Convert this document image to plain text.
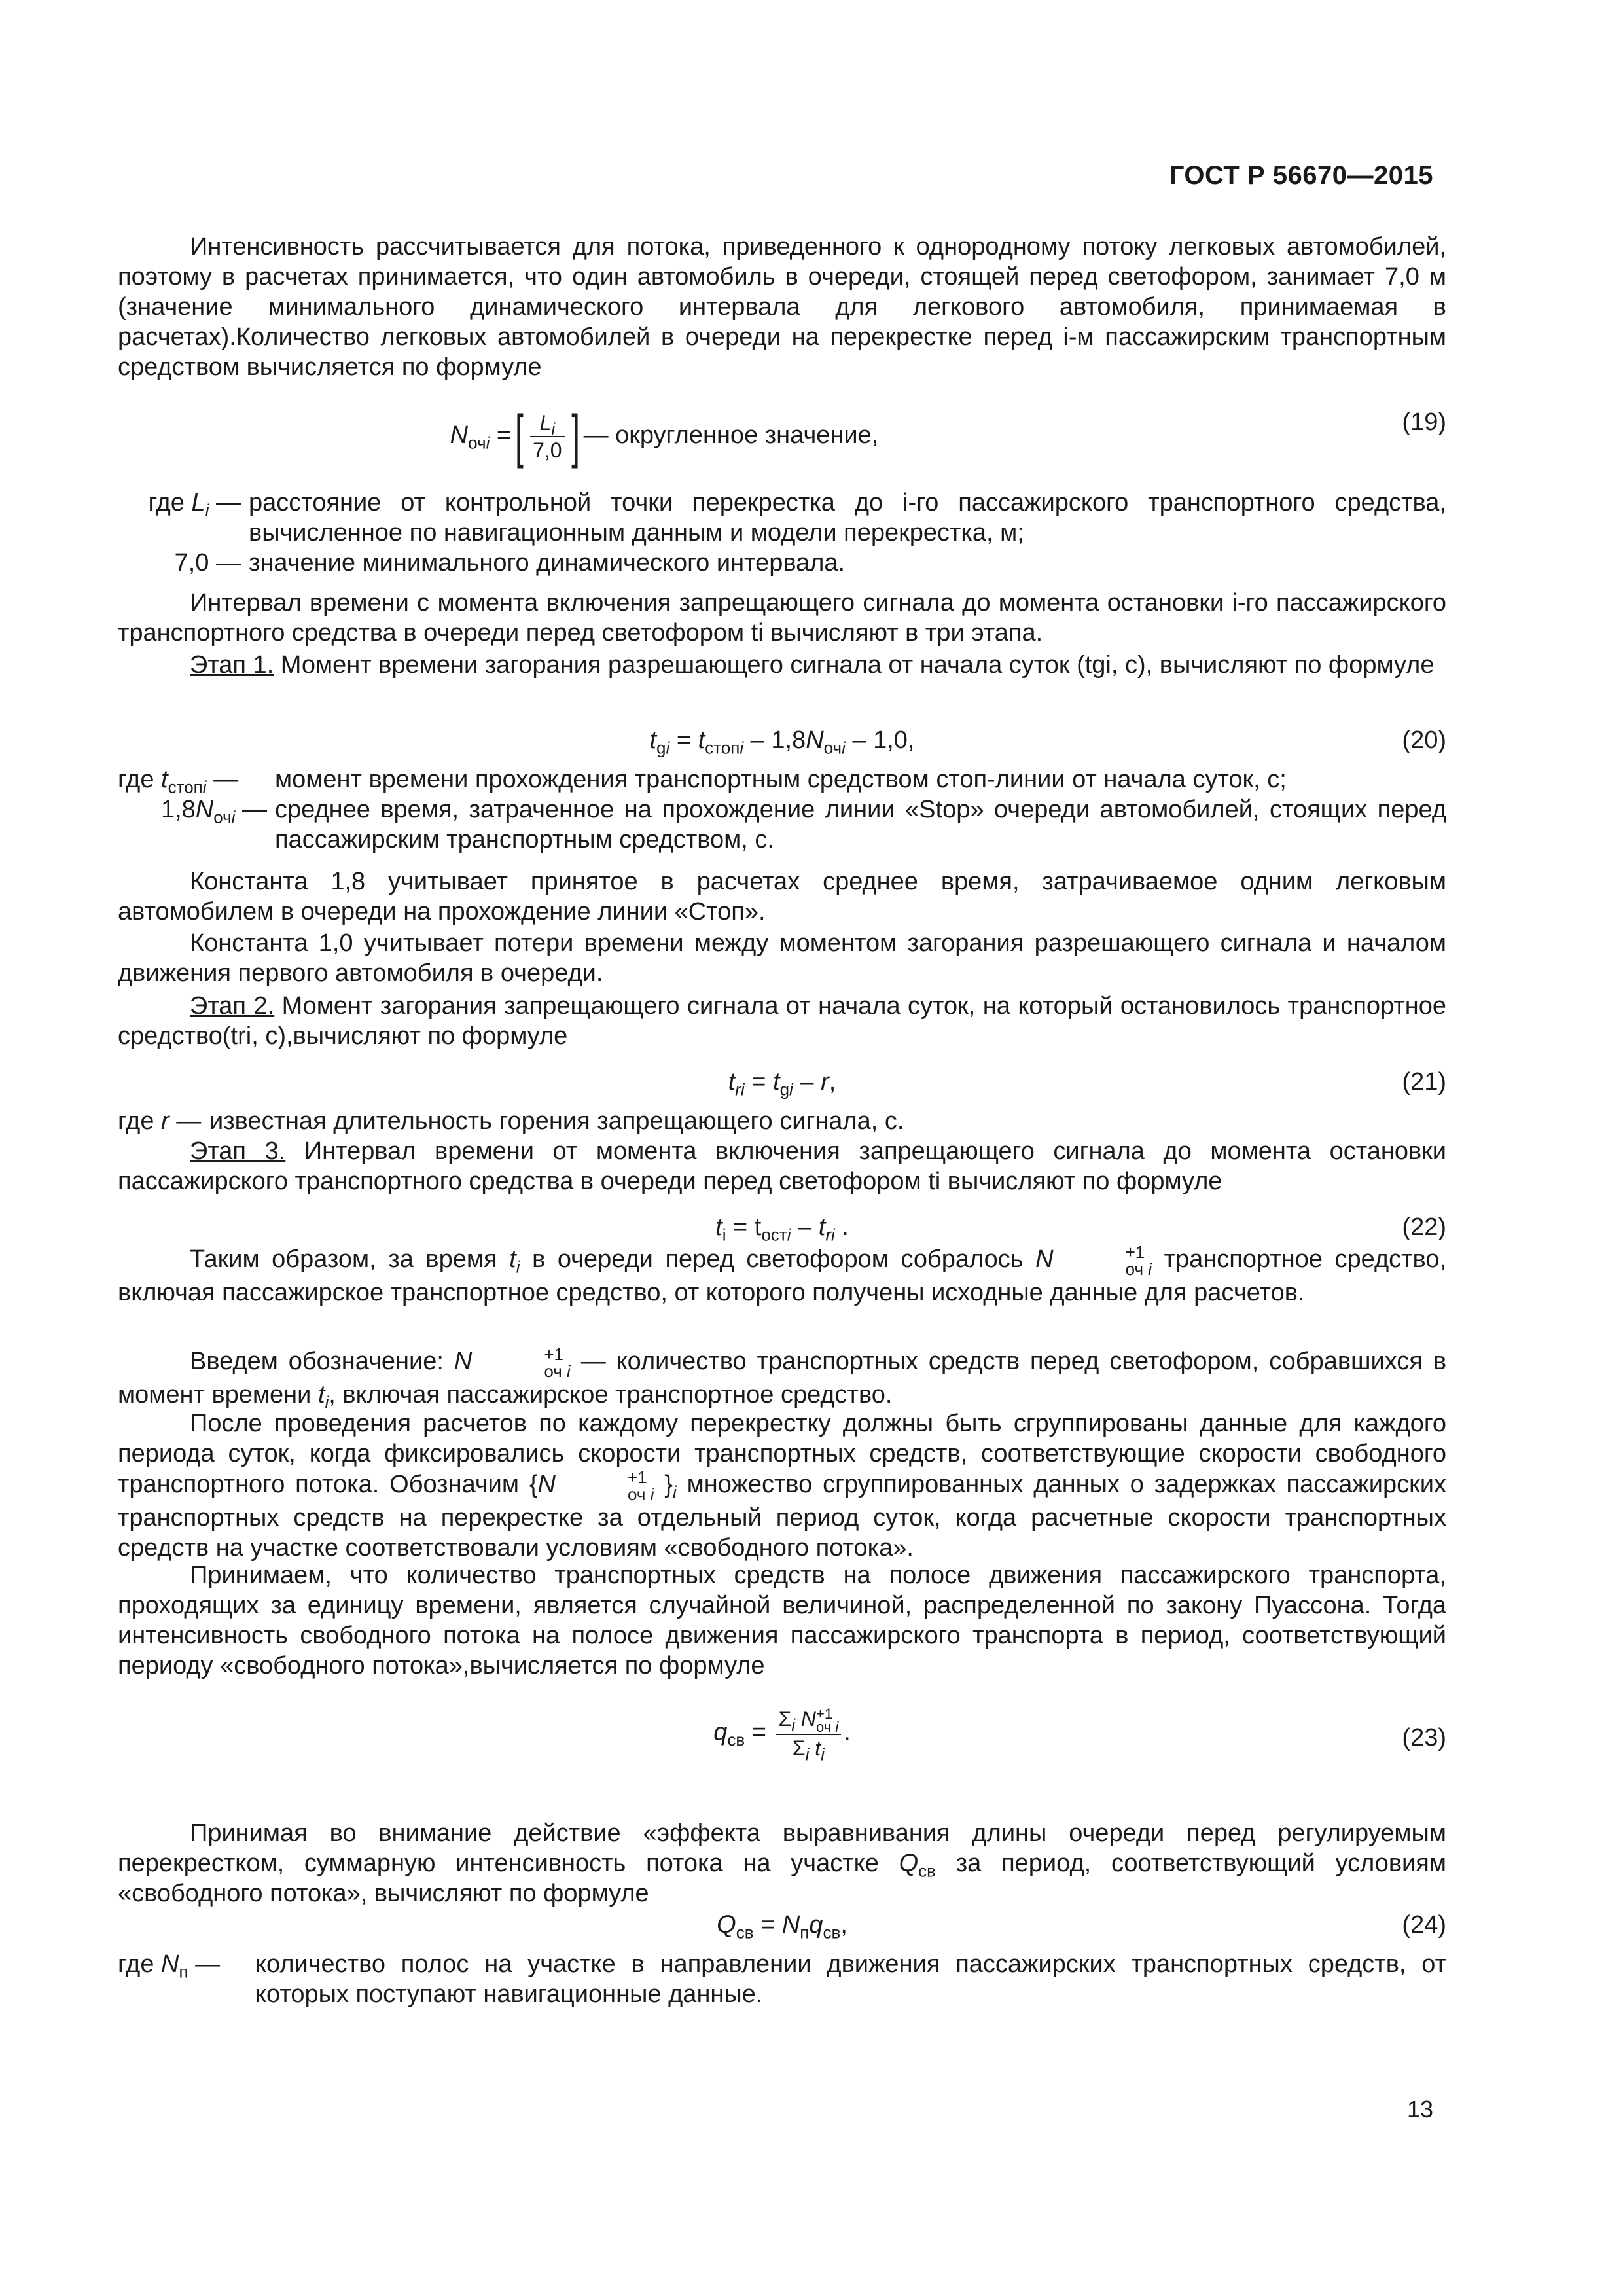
ГОСТ Р 56670—2015

Интенсивность рассчитывается для потока, приведенного к однородному потоку легковых автомобилей, поэтому в расчетах принимается, что один автомобиль в очереди, стоящей перед светофором, занимает 7,0 м (значение минимального динамического интервала для легкового автомобиля, принимаемая в расчетах).Количество легковых автомобилей в очереди на перекрестке перед i-м пассажирским транспортным средством вычисляется по формуле

$N_{очi}$ =[ $\frac{L_i}{7,0}$ ] — округленное значение,	(19)
где $L_i$ — расстояние от контрольной точки перекрестка до i-го пассажирского транспортного средства, вычисленное по навигационным данным и модели перекрестка, м;
7,0 — значение минимального динамического интервала.

Интервал времени с момента включения запрещающего сигнала до момента остановки i-го пассажирского транспортного средства в очереди перед светофором ti вычисляют в три этапа.

Этап 1. Момент времени загорания разрешающего сигнала от начала суток (tgi, с), вычисляют по формуле

$t_{gi} = t_{стопi} - 1,8N_{очi} - 1,0$,	(20)
где $t_{стопi}$ —	момент времени прохождения транспортным средством стоп-линии от начала суток, с;
$1,8N_{очi}$ — среднее время, затраченное на прохождение линии «Stop» очереди автомобилей, стоящих перед пассажирским транспортным средством, с.

Константа 1,8 учитывает принятое в расчетах среднее время, затрачиваемое одним легковым автомобилем в очереди на прохождение линии «Стоп».

Константа 1,0 учитывает потери времени между моментом загорания разрешающего сигнала и началом движения первого автомобиля в очереди.

Этап 2. Момент загорания запрещающего сигнала от начала суток, на который остановилось транспортное средство(tri, с),вычисляют по формуле

$t_{ri} = t_{gi} - r$,	(21)
где r — известная длительность горения запрещающего сигнала, с.

Этап 3. Интервал времени от момента включения запрещающего сигнала до момента остановки пассажирского транспортного средства в очереди перед светофором ti вычисляют по формуле

$t_i = t_{остi} - t_{ri}$ .	(22)

Таким образом, за время $t_i$ в очереди перед светофором собралось N	+1
оч i транспортное средство, включая пассажирское транспортное средство, от которого получены исходные данные для расчетов.

Введем обозначение: N	+1
оч i — количество транспортных средств перед светофором, собравшихся в момент времени $t_i$, включая пассажирское транспортное средство.

После проведения расчетов по каждому перекрестку должны быть сгруппированы данные для каждого периода суток, когда фиксировались скорости транспортных средств, соответствующие скорости свободного транспортного потока. Обозначим {N	+1
оч i }$_i$ множество сгруппированных данных о задержках пассажирских транспортных средств на перекрестке за отдельный период суток, когда расчетные скорости транспортных средств на участке соответствовали условиям «свободного потока».

Принимаем, что количество транспортных средств на полосе движения пассажирского транспорта, проходящих за единицу времени, является случайной величиной, распределенной по закону Пуассона. Тогда интенсивность свободного потока на полосе движения пассажирского транспорта в период, соответствующий периоду «свободного потока»,вычисляется по формуле

$q_{св} = \Sigma_i$ N +1
оч i
$\Sigma_i$ $t_i$ .	(23)

Принимая во внимание действие «эффекта выравнивания длины очереди перед регулируемым перекрестком, суммарную интенсивность потока на участке $Q_{св}$ за период, соответствующий условиям «свободного потока», вычисляют по формуле

$Q_{св} = N_пq_{св}$,	(24)
где $N_п$ —	количество полос на участке в направлении движения пассажирских транспортных средств, от которых поступают навигационные данные.
13
